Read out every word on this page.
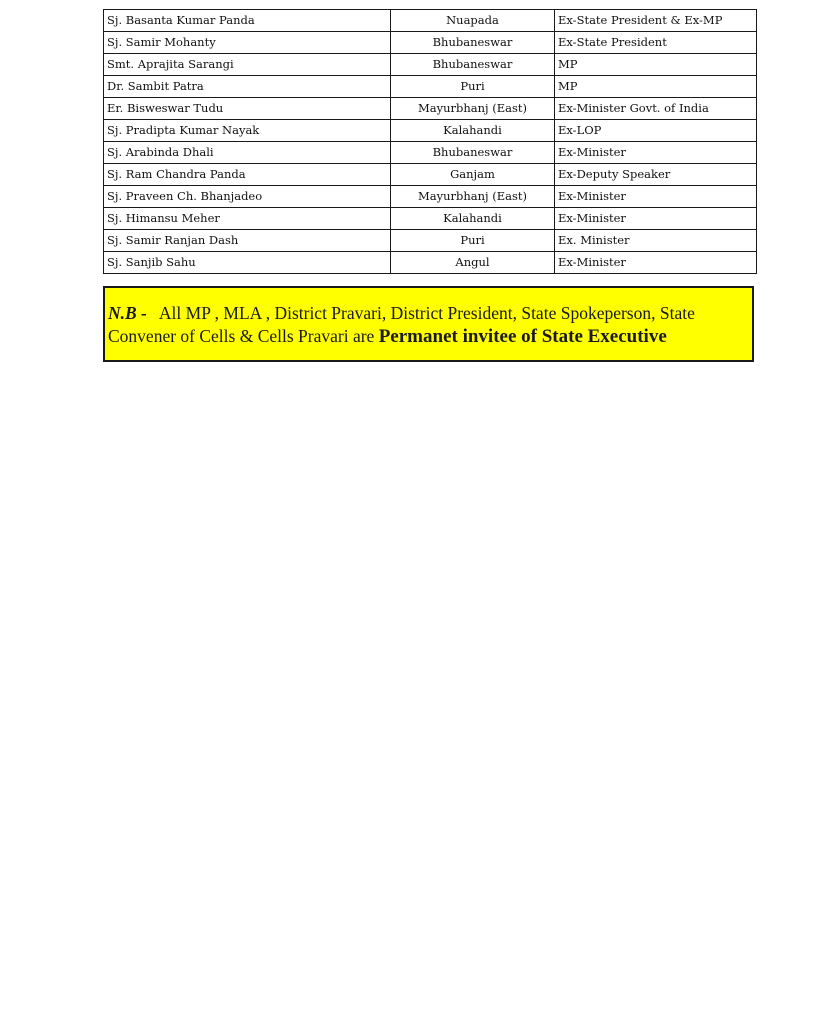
Sj. Basanta Kumar Panda	Nuapada	Ex-State President & Ex-MP
Sj. Samir Mohanty	Bhubaneswar	Ex-State President
Smt. Aprajita Sarangi	Bhubaneswar	MP
Dr. Sambit Patra	Puri	MP
Er. Bisweswar Tudu	Mayurbhanj (East)	Ex-Minister Govt. of India
Sj. Pradipta Kumar Nayak	Kalahandi	Ex-LOP
Sj. Arabinda Dhali	Bhubaneswar	Ex-Minister
Sj. Ram Chandra Panda	Ganjam	Ex-Deputy Speaker
Sj. Praveen Ch. Bhanjadeo	Mayurbhanj (East)	Ex-Minister
Sj. Himansu Meher	Kalahandi	Ex-Minister
Sj. Samir Ranjan Dash	Puri	Ex. Minister
Sj. Sanjib Sahu	Angul	Ex-Minister
N.B - All MP , MLA , District Pravari, District President, State Spokeperson, State Convener of Cells & Cells Pravari are Permanet invitee of State Executive
